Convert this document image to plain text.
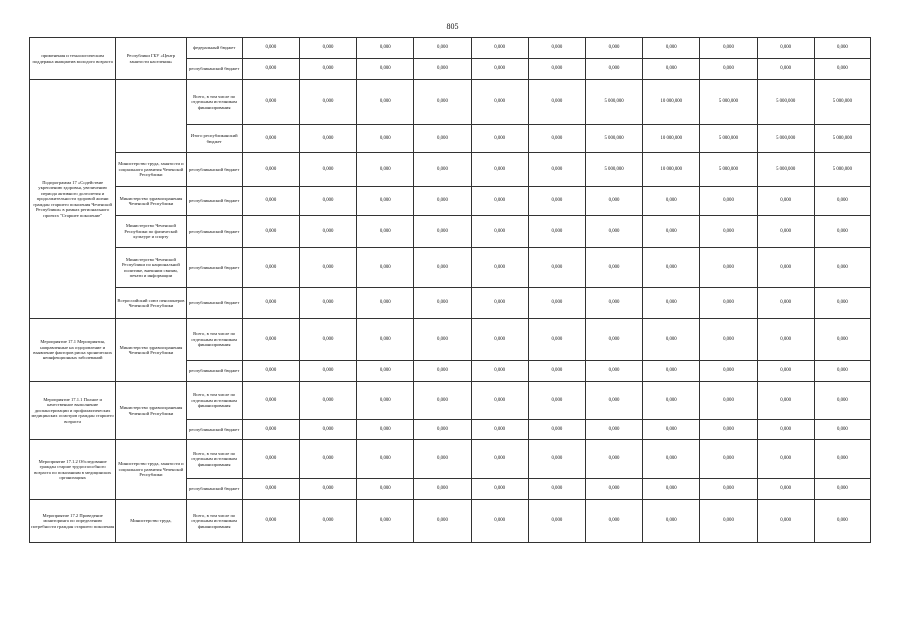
805
применения и технологическим поддержка инициатив молодого возраста	Республики ГБУ «Центр занятости населения»	федеральный бюджет	0,000	0,000	0,000	0,000	0,000	0,000	0,000	0,000	0,000	0,000	0,000
		республиканский бюджет	0,000	0,000	0,000	0,000	0,000	0,000	0,000	0,000	0,000	0,000	0,000
Подпрограмма 17 «Содействие укреплению здоровья, увеличению периода активного долголетия и продолжительности здоровой жизни граждан старшего поколения Чеченской Республики» в рамках регионального проекта "Старшее поколение"		Всего, в том числе по отдельным источникам финансирования	0,000	0,000	0,000	0,000	0,000	0,000	5 000,000	10 000,000	5 000,000	5 000,000	5 000,000
		Итого республиканский бюджет	0,000	0,000	0,000	0,000	0,000	0,000	5 000,000	10 000,000	5 000,000	5 000,000	5 000,000
	Министерство труда, занятости и социального развития Чеченской Республики	республиканский бюджет	0,000	0,000	0,000	0,000	0,000	0,000	5 000,000	10 000,000	5 000,000	5 000,000	5 000,000
	Министерство здравоохранения Чеченской Республики	республиканский бюджет	0,000	0,000	0,000	0,000	0,000	0,000	0,000	0,000	0,000	0,000	0,000
	Министерство Чеченской Республики по физической культуре и спорту	республиканский бюджет	0,000	0,000	0,000	0,000	0,000	0,000	0,000	0,000	0,000	0,000	0,000
	Министерство Чеченской Республики по национальной политике, внешним связям, печати и информации	республиканский бюджет	0,000	0,000	0,000	0,000	0,000	0,000	0,000	0,000	0,000	0,000	0,000
	Всероссийский союз пенсионеров Чеченской Республики	республиканский бюджет	0,000	0,000	0,000	0,000	0,000	0,000	0,000	0,000	0,000	0,000	0,000
Мероприятие 17.1 Мероприятия, направленные на оздоровление и выявление факторов риска хронических неинфекционных заболеваний	Министерство здравоохранения Чеченской Республики	Всего, в том числе по отдельным источникам финансирования	0,000	0,000	0,000	0,000	0,000	0,000	0,000	0,000	0,000	0,000	0,000
		республиканский бюджет	0,000	0,000	0,000	0,000	0,000	0,000	0,000	0,000	0,000	0,000	0,000
Мероприятие 17.1.1 Полное и качественное выполнение диспансеризации и профилактических медицинских осмотров граждан старшего возраста	Министерство здравоохранения Чеченской Республики	Всего, в том числе по отдельным источникам финансирования	0,000	0,000	0,000	0,000	0,000	0,000	0,000	0,000	0,000	0,000	0,000
		республиканский бюджет	0,000	0,000	0,000	0,000	0,000	0,000	0,000	0,000	0,000	0,000	0,000
Мероприятие 17.1.2 Обследование граждан старше трудоспособного возраста по показаниям в медицинских организациях	Министерство труда, занятости и социального развития Чеченской Республики	Всего, в том числе по отдельным источникам финансирования	0,000	0,000	0,000	0,000	0,000	0,000	0,000	0,000	0,000	0,000	0,000
		республиканский бюджет	0,000	0,000	0,000	0,000	0,000	0,000	0,000	0,000	0,000	0,000	0,000
Мероприятие 17.2 Проведение мониторинга по определению потребности граждан старшего поколения	Министерство труда,	Всего, в том числе по отдельным источникам финансирования	0,000	0,000	0,000	0,000	0,000	0,000	0,000	0,000	0,000	0,000	0,000
